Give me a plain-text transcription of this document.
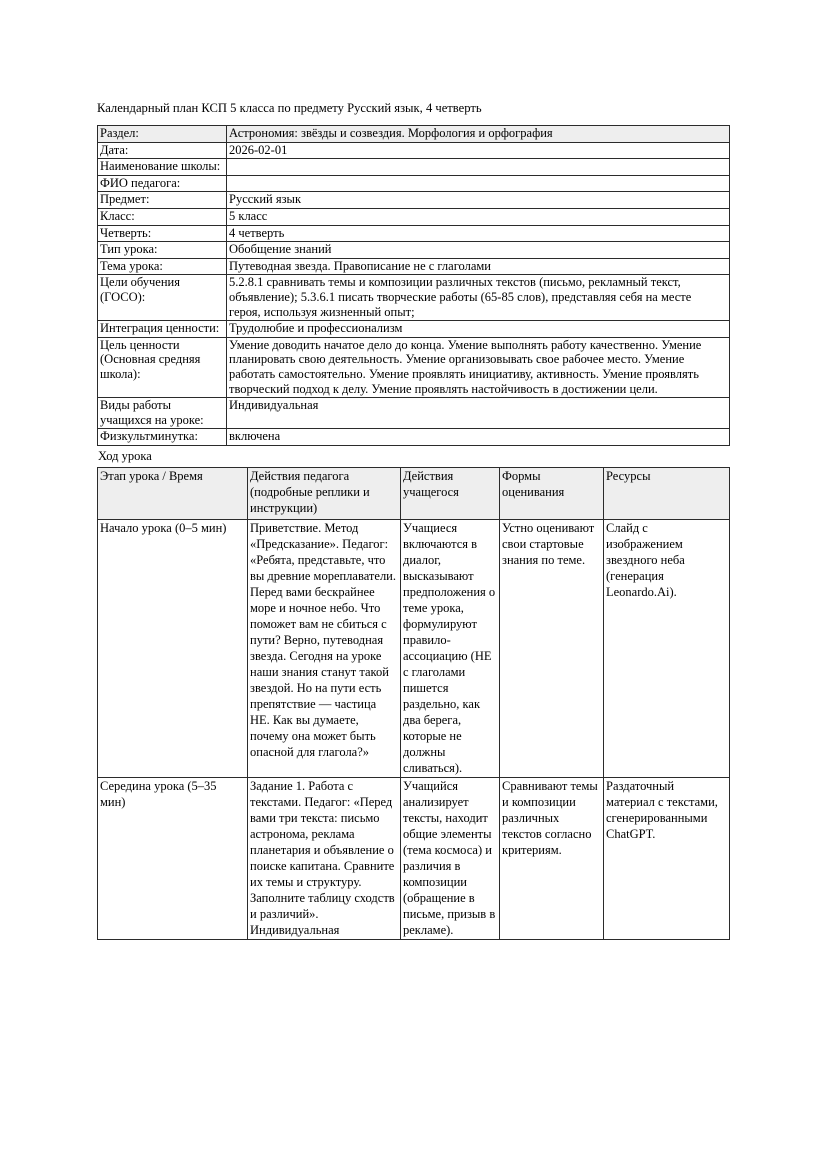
Календарный план КСП 5 класса по предмету Русский язык, 4 четверть

Раздел:	Астрономия: звёзды и созвездия. Морфология и орфография
Дата:	2026-02-01
Наименование школы:	
ФИО педагога:	
Предмет:	Русский язык
Класс:	5 класс
Четверть:	4 четверть
Тип урока:	Обобщение знаний
Тема урока:	Путеводная звезда. Правописание не с глаголами
Цели обучения (ГОСО):	5.2.8.1 сравнивать темы и композиции различных текстов (письмо, рекламный текст, объявление); 5.3.6.1 писать творческие работы (65-85 слов), представляя себя на месте героя, используя жизненный опыт;
Интеграция ценности:	Трудолюбие и профессионализм
Цель ценности (Основная средняя школа):	Умение доводить начатое дело до конца. Умение выполнять работу качественно. Умение планировать свою деятельность. Умение организовывать свое рабочее место. Умение работать самостоятельно. Умение проявлять инициативу, активность. Умение проявлять творческий подход к делу. Умение проявлять настойчивость в достижении цели.
Виды работы учащихся на уроке:	Индивидуальная
Физкультминутка:	включена

Ход урока

Этап урока / Время	Действия педагога (подробные реплики и инструкции)	Действия учащегося	Формы оценивания	Ресурсы
Начало урока (0–5 мин)	Приветствие. Метод «Предсказание». Педагог: «Ребята, представьте, что вы древние мореплаватели. Перед вами бескрайнее море и ночное небо. Что поможет вам не сбиться с пути? Верно, путеводная звезда. Сегодня на уроке наши знания станут такой звездой. Но на пути есть препятствие — частица НЕ. Как вы думаете, почему она может быть опасной для глагола?»	Учащиеся включаются в диалог, высказывают предположения о теме урока, формулируют правило-ассоциацию (НЕ с глаголами пишется раздельно, как два берега, которые не должны сливаться).	Устно оценивают свои стартовые знания по теме.	Слайд с изображением звездного неба (генерация Leonardo.Ai).
Середина урока (5–35 мин)	Задание 1. Работа с текстами. Педагог: «Перед вами три текста: письмо астронома, реклама планетария и объявление о поиске капитана. Сравните их темы и структуру. Заполните таблицу сходств и различий». Индивидуальная	Учащийся анализирует тексты, находит общие элементы (тема космоса) и различия в композиции (обращение в письме, призыв в рекламе).	Сравнивают темы и композиции различных текстов согласно критериям.	Раздаточный материал с текстами, сгенерированными ChatGPT.
